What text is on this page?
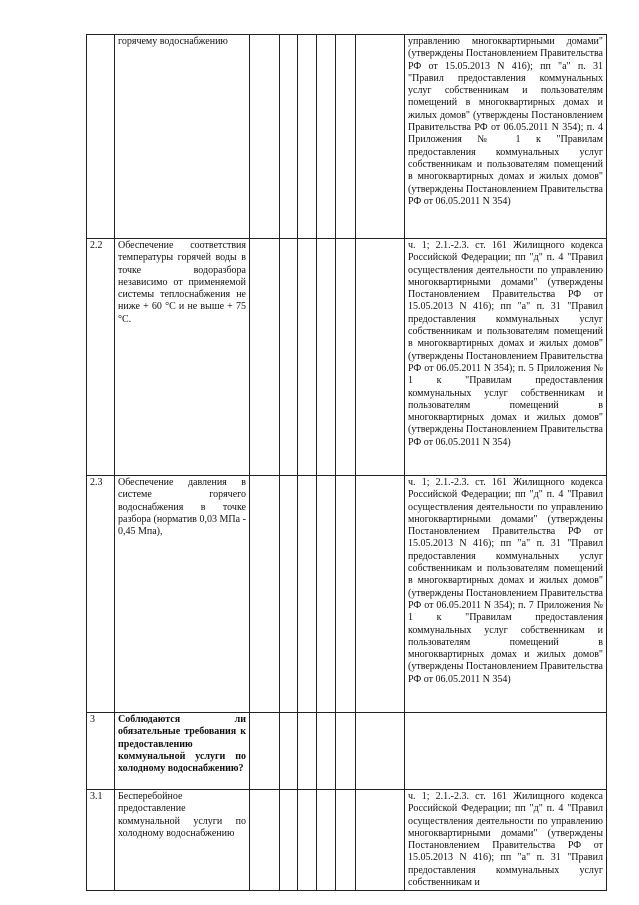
	горячему водоснабжению							управлению многоквартирными домами" (утверждены Постановлением Правительства РФ от 15.05.2013 N 416); пп "а" п. 31 "Правил предоставления коммунальных услуг собственникам и пользователям помещений в многоквартирных домах и жилых домов" (утверждены Постановлением Правительства РФ от 06.05.2011 N 354); п. 4 Приложения № 1 к "Правилам предоставления коммунальных услуг собственникам и пользователям помещений в многоквартирных домах и жилых домов" (утверждены Постановлением Правительства РФ от 06.05.2011 N 354)
2.2	Обеспечение соответствия температуры горячей воды в точке водоразбора независимо от применяемой системы теплоснабжения не ниже + 60 °С и не выше + 75 °С.							ч. 1; 2.1.-2.3. ст. 161 Жилищного кодекса Российской Федерации; пп "д" п. 4 "Правил осуществления деятельности по управлению многоквартирными домами" (утверждены Постановлением Правительства РФ от 15.05.2013 N 416); пп "а" п. 31 "Правил предоставления коммунальных услуг собственникам и пользователям помещений в многоквартирных домах и жилых домов" (утверждены Постановлением Правительства РФ от 06.05.2011 N 354); п. 5 Приложения № 1 к "Правилам предоставления коммунальных услуг собственникам и пользователям помещений в многоквартирных домах и жилых домов" (утверждены Постановлением Правительства РФ от 06.05.2011 N 354)
2.3	Обеспечение давления в системе горячего водоснабжения в точке разбора (норматив 0,03 МПа - 0,45 Мпа),							ч. 1; 2.1.-2.3. ст. 161 Жилищного кодекса Российской Федерации; пп "д" п. 4 "Правил осуществления деятельности по управлению многоквартирными домами" (утверждены Постановлением Правительства РФ от 15.05.2013 N 416); пп "а" п. 31 "Правил предоставления коммунальных услуг собственникам и пользователям помещений в многоквартирных домах и жилых домов" (утверждены Постановлением Правительства РФ от 06.05.2011 N 354); п. 7 Приложения № 1 к "Правилам предоставления коммунальных услуг собственникам и пользователям помещений в многоквартирных домах и жилых домов" (утверждены Постановлением Правительства РФ от 06.05.2011 N 354)
3	Соблюдаются ли обязательные требования к предоставлению коммунальной услуги по холодному водоснабжению?							
3.1	Бесперебойное предоставление коммунальной услуги по холодному водоснабжению							ч. 1; 2.1.-2.3. ст. 161 Жилищного кодекса Российской Федерации; пп "д" п. 4 "Правил осуществления деятельности по управлению многоквартирными домами" (утверждены Постановлением Правительства РФ от 15.05.2013 N 416); пп "а" п. 31 "Правил предоставления коммунальных услуг собственникам и
